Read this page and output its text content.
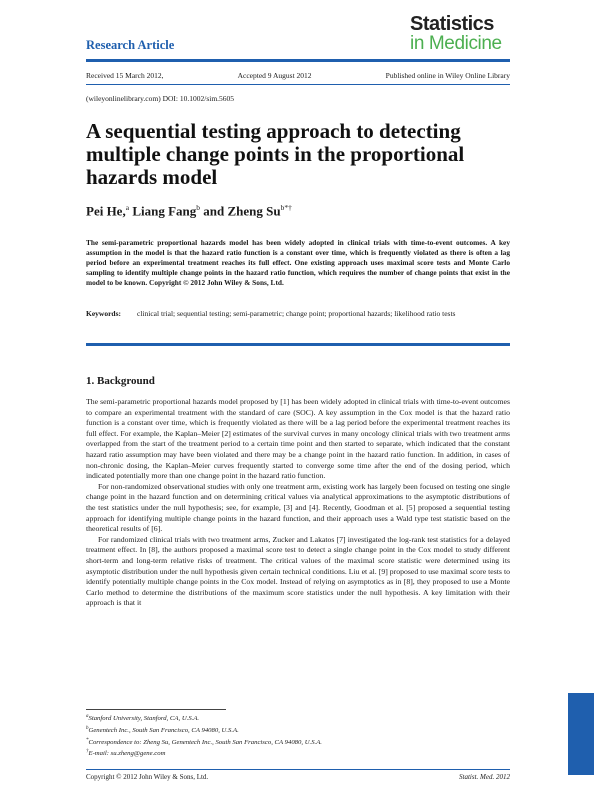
Research Article
Statistics
in Medicine
Received 15 March 2012,	Accepted 9 August 2012	Published online in Wiley Online Library
(wileyonlinelibrary.com) DOI: 10.1002/sim.5605
A sequential testing approach to detecting multiple change points in the proportional hazards model
Pei He,$^a$ Liang Fang$^b$ and Zheng $Su^{b*\dagger}$

The semi-parametric proportional hazards model has been widely adopted in clinical trials with time-to-event outcomes. A key assumption in the model is that the hazard ratio function is a constant over time, which is frequently violated as there is often a lag period before an experimental treatment reaches its full effect. One existing approach uses maximal score tests and Monte Carlo sampling to identify multiple change points in the hazard ratio function, which requires the number of change points that exist in the model to be known. Copyright © 2012 John Wiley & Sons, Ltd.

Keywords: clinical trial; sequential testing; semi-parametric; change point; proportional hazards; likelihood ratio tests
1. Background

The semi-parametric proportional hazards model proposed by [1] has been widely adopted in clinical trials with time-to-event outcomes to compare an experimental treatment with the standard of care (SOC). A key assumption in the Cox model is that the hazard ratio function is a constant over time, which is frequently violated as there will be a lag period before the experimental treatment reaches its full effect. For example, the Kaplan–Meier [2] estimates of the survival curves in many oncology clinical trials with two treatment arms overlapped from the start of the treatment period to a certain time point and then started to separate, which indicated that the constant hazard ratio assumption may have been violated and there may be a change point in the hazard ratio function. In addition, in cases of non-chronic dosing, the Kaplan–Meier curves frequently started to converge some time after the end of the dosing period, which indicated potentially more than one change point in the hazard ratio function.

For non-randomized observational studies with only one treatment arm, existing work has largely been focused on testing one single change point in the hazard function and on determining critical values via analytical approximations to the asymptotic distributions of the test statistics under the null hypothesis; see, for example, [3] and [4]. Recently, Goodman et al. [5] proposed a sequential testing approach for identifying multiple change points in the hazard function, and their approach uses a Wald type test statistic based on the theoretical results of [6].

For randomized clinical trials with two treatment arms, Zucker and Lakatos [7] investigated the log-rank test statistics for a delayed treatment effect. In [8], the authors proposed a maximal score test to detect a single change point in the Cox model to study different short-term and long-term relative risks of treatment. The critical values of the maximal score statistic were determined using its asymptotic distribution under the null hypothesis given certain technical conditions. Liu et al. [9] proposed to use maximal score tests to identify potentially multiple change points in the Cox model. Instead of relying on asymptotics as in [8], they proposed to use a Monte Carlo method to determine the distributions of the maximum score statistics under the null hypothesis. A key limitation with their approach is that it

$^a$Stanford University, Stanford, CA, U.S.A.
$^b$Genentech Inc., South San Francisco, CA 94080, U.S.A.
*Correspondence to: Zheng Su, Genentech Inc., South San Francisco, CA 94080, U.S.A.
†E-mail: su.zheng@gene.com
Copyright © 2012 John Wiley & Sons, Ltd.	Statist. Med. 2012
